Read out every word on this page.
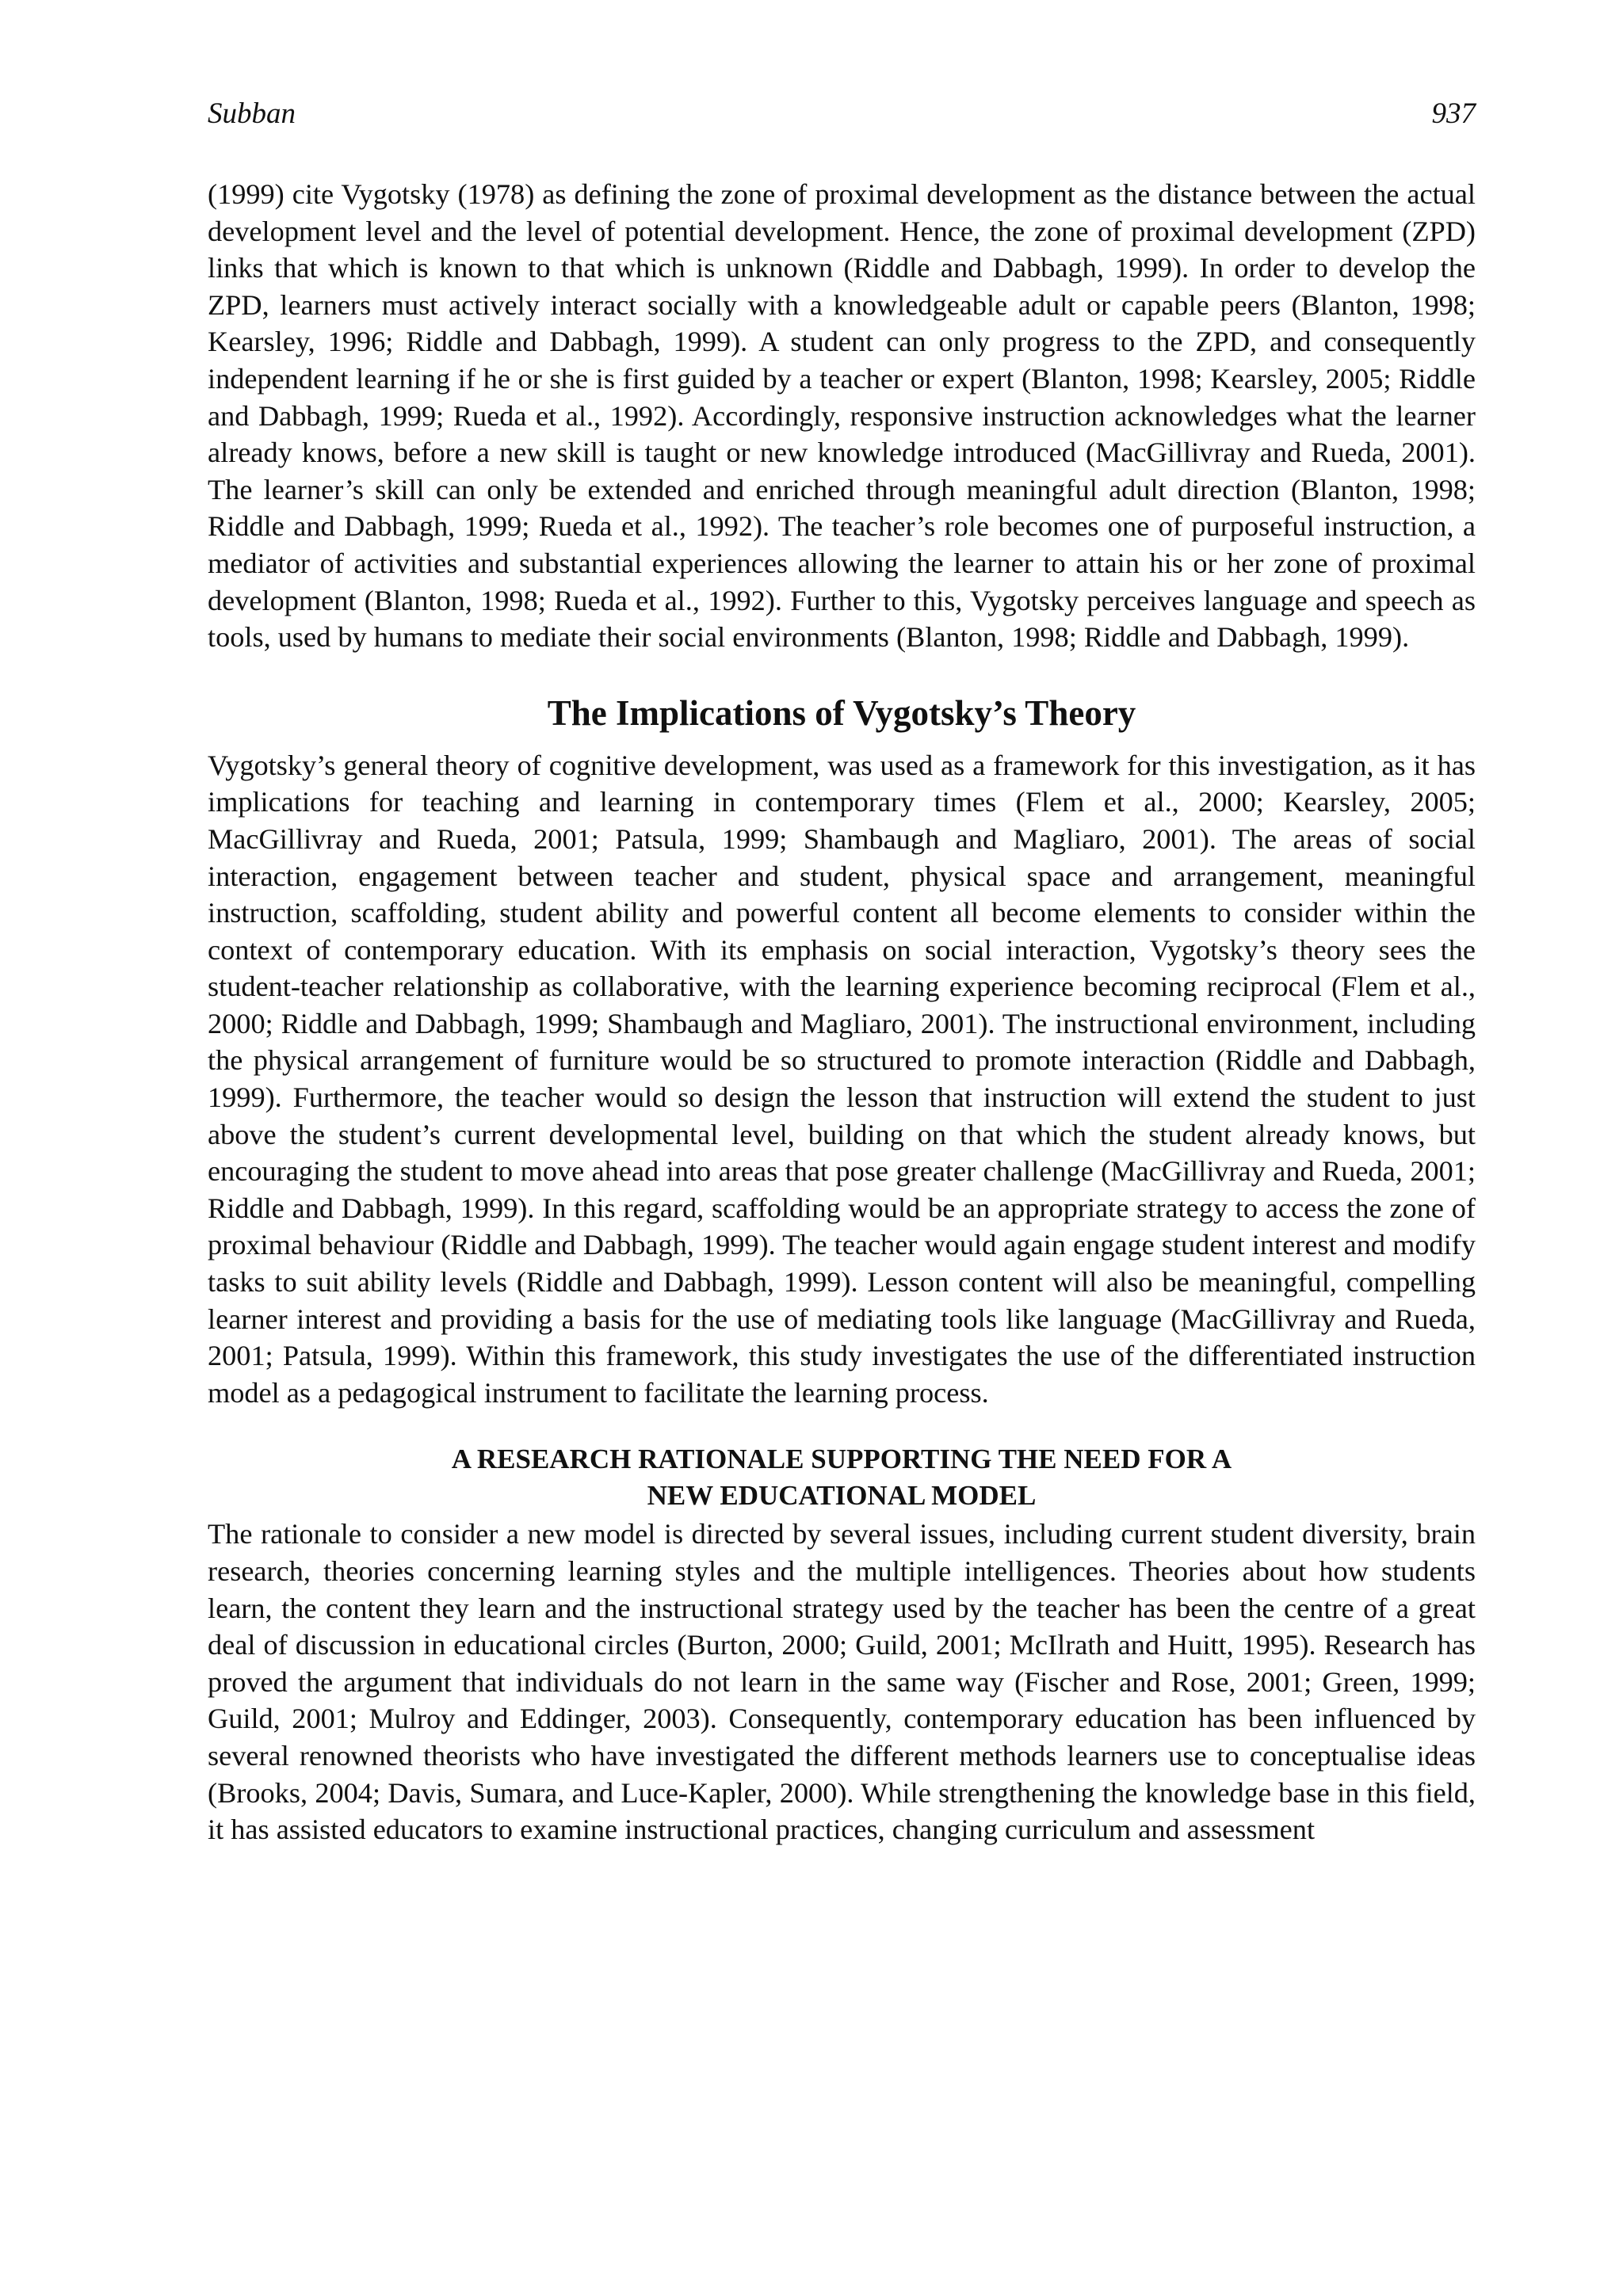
Subban	937

(1999) cite Vygotsky (1978) as defining the zone of proximal development as the distance between the actual development level and the level of potential development. Hence, the zone of proximal development (ZPD) links that which is known to that which is unknown (Riddle and Dabbagh, 1999). In order to develop the ZPD, learners must actively interact socially with a knowledgeable adult or capable peers (Blanton, 1998; Kearsley, 1996; Riddle and Dabbagh, 1999). A student can only progress to the ZPD, and consequently independent learning if he or she is first guided by a teacher or expert (Blanton, 1998; Kearsley, 2005; Riddle and Dabbagh, 1999; Rueda et al., 1992). Accordingly, responsive instruction acknowledges what the learner already knows, before a new skill is taught or new knowledge introduced (MacGillivray and Rueda, 2001). The learner’s skill can only be extended and enriched through meaningful adult direction (Blanton, 1998; Riddle and Dabbagh, 1999; Rueda et al., 1992). The teacher’s role becomes one of purposeful instruction, a mediator of activities and substantial experiences allowing the learner to attain his or her zone of proximal development (Blanton, 1998; Rueda et al., 1992). Further to this, Vygotsky perceives language and speech as tools, used by humans to mediate their social environments (Blanton, 1998; Riddle and Dabbagh, 1999).

The Implications of Vygotsky’s Theory

Vygotsky’s general theory of cognitive development, was used as a framework for this investigation, as it has implications for teaching and learning in contemporary times (Flem et al., 2000; Kearsley, 2005; MacGillivray and Rueda, 2001; Patsula, 1999; Shambaugh and Magliaro, 2001). The areas of social interaction, engagement between teacher and student, physical space and arrangement, meaningful instruction, scaffolding, student ability and powerful content all become elements to consider within the context of contemporary education. With its emphasis on social interaction, Vygotsky’s theory sees the student-teacher relationship as collaborative, with the learning experience becoming reciprocal (Flem et al., 2000; Riddle and Dabbagh, 1999; Shambaugh and Magliaro, 2001). The instructional environment, including the physical arrangement of furniture would be so structured to promote interaction (Riddle and Dabbagh, 1999). Furthermore, the teacher would so design the lesson that instruction will extend the student to just above the student’s current developmental level, building on that which the student already knows, but encouraging the student to move ahead into areas that pose greater challenge (MacGillivray and Rueda, 2001; Riddle and Dabbagh, 1999). In this regard, scaffolding would be an appropriate strategy to access the zone of proximal behaviour (Riddle and Dabbagh, 1999). The teacher would again engage student interest and modify tasks to suit ability levels (Riddle and Dabbagh, 1999). Lesson content will also be meaningful, compelling learner interest and providing a basis for the use of mediating tools like language (MacGillivray and Rueda, 2001; Patsula, 1999). Within this framework, this study investigates the use of the differentiated instruction model as a pedagogical instrument to facilitate the learning process.

A RESEARCH RATIONALE SUPPORTING THE NEED FOR A
NEW EDUCATIONAL MODEL

The rationale to consider a new model is directed by several issues, including current student diversity, brain research, theories concerning learning styles and the multiple intelligences. Theories about how students learn, the content they learn and the instructional strategy used by the teacher has been the centre of a great deal of discussion in educational circles (Burton, 2000; Guild, 2001; McIlrath and Huitt, 1995). Research has proved the argument that individuals do not learn in the same way (Fischer and Rose, 2001; Green, 1999; Guild, 2001; Mulroy and Eddinger, 2003). Consequently, contemporary education has been influenced by several renowned theorists who have investigated the different methods learners use to conceptualise ideas (Brooks, 2004; Davis, Sumara, and Luce-Kapler, 2000). While strengthening the knowledge base in this field, it has assisted educators to examine instructional practices, changing curriculum and assessment
